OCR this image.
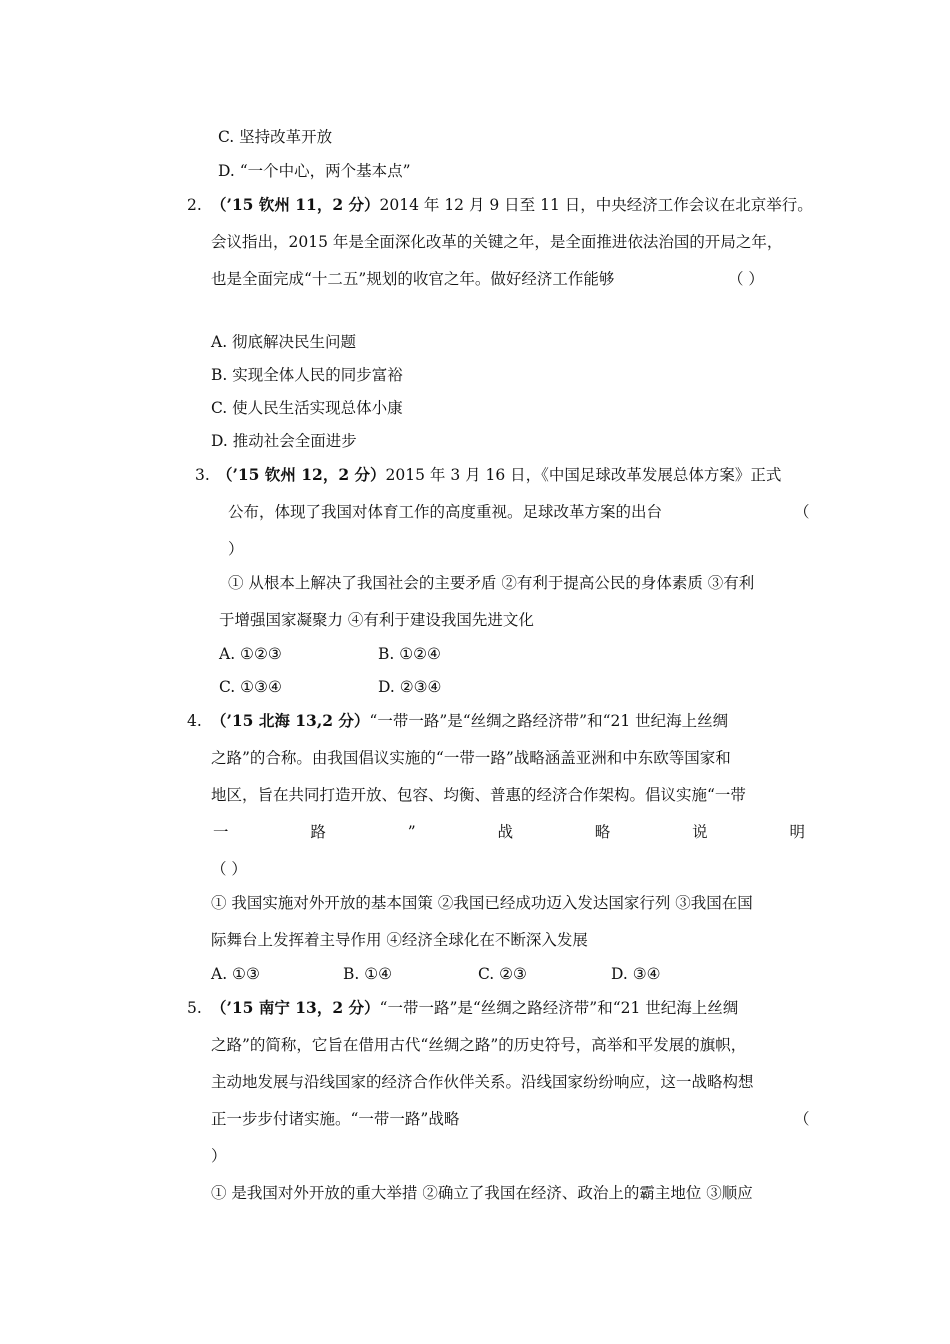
C. 坚持改革开放
D. “一个中心，两个基本点”
2. （’15 钦州 11，2 分）2014 年 12 月 9 日至 11 日，中央经济工作会议在北京举行。
会议指出，2015 年是全面深化改革的关键之年，是全面推进依法治国的开局之年，
也是全面完成“十二五”规划的收官之年。做好经济工作能够	（ ）
A. 彻底解决民生问题
B. 实现全体人民的同步富裕
C. 使人民生活实现总体小康
D. 推动社会全面进步
3. （’15 钦州 12，2 分）2015 年 3 月 16 日，《中国足球改革发展总体方案》正式
公布，体现了我国对体育工作的高度重视。足球改革方案的出台	（
）
① 从根本上解决了我国社会的主要矛盾 ②有利于提高公民的身体素质 ③有利
于增强国家凝聚力 ④有利于建设我国先进文化
A. ①②③	B. ①②④
C. ①③④	D. ②③④
4. （’15 北海 13,2 分）“一带一路”是“丝绸之路经济带”和“21 世纪海上丝绸
之路”的合称。由我国倡议实施的“一带一路”战略涵盖亚洲和中东欧等国家和
地区，旨在共同打造开放、包容、均衡、普惠的经济合作架构。倡议实施“一带
一	路	”	战	略	说	明
（ ）
① 我国实施对外开放的基本国策 ②我国已经成功迈入发达国家行列 ③我国在国
际舞台上发挥着主导作用 ④经济全球化在不断深入发展
A. ①③	B. ①④	C. ②③	D. ③④
5. （’15 南宁 13，2 分）“一带一路”是“丝绸之路经济带”和“21 世纪海上丝绸
之路”的简称，它旨在借用古代“丝绸之路”的历史符号，高举和平发展的旗帜，
主动地发展与沿线国家的经济合作伙伴关系。沿线国家纷纷响应，这一战略构想
正一步步付诸实施。“一带一路”战略	（
）
① 是我国对外开放的重大举措 ②确立了我国在经济、政治上的霸主地位 ③顺应
